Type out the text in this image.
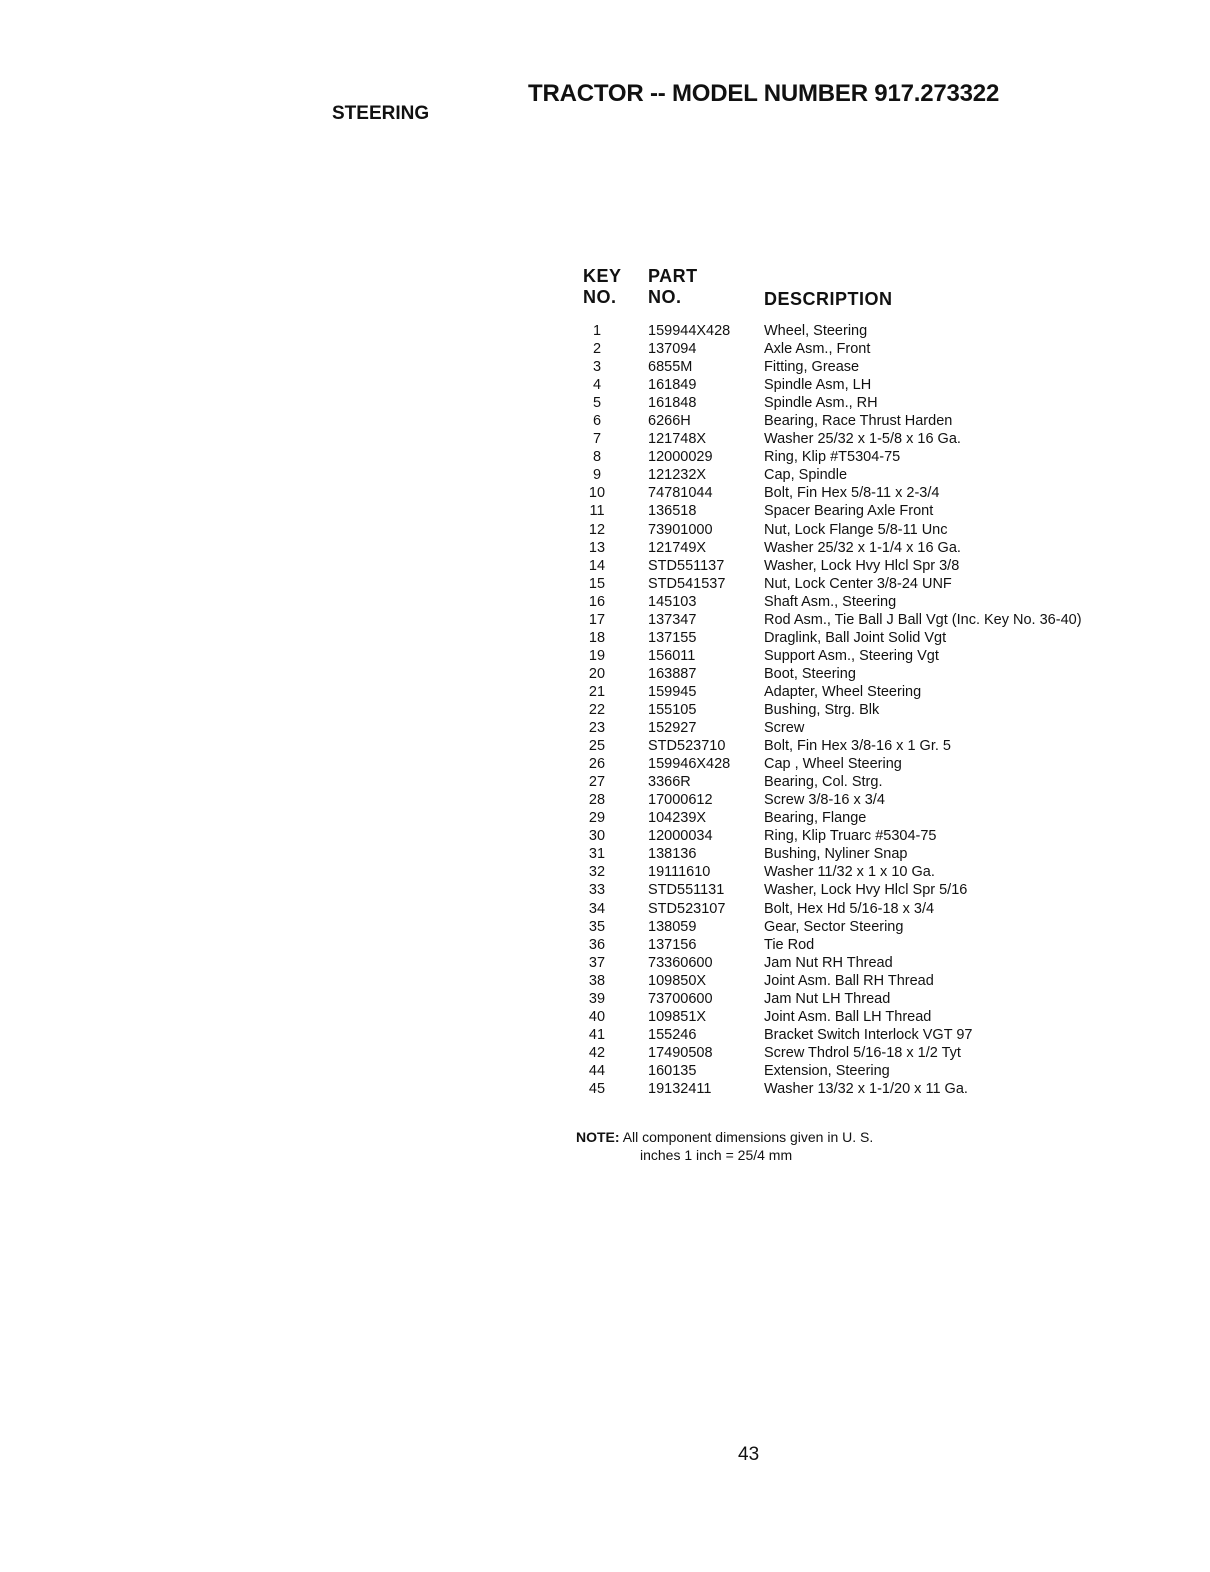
TRACTOR -- MODEL NUMBER 917.273322
STEERING
KEY
NO.
PART
NO.	DESCRIPTION
1	159944X428 Wheel, Steering
2	137094	Axle Asm., Front
3	6855M	Fitting, Grease
4	161849	Spindle Asm, LH
5	161848	Spindle Asm., RH
6	6266H	Bearing, Race Thrust Harden
7	121748X	Washer 25/32 x 1-5/8 x 16 Ga.
8	12000029	Ring, Klip #T5304-75
9	121232X	Cap, Spindle
10	74781044	Bolt, Fin Hex 5/8-11 x 2-3/4
11	136518	Spacer Bearing Axle Front
12	73901000	Nut, Lock Flange 5/8-11 Unc
13	121749X	Washer 25/32 x 1-1/4 x 16 Ga.
14	STD551137	Washer, Lock Hvy Hlcl Spr 3/8
15	STD541537	Nut, Lock Center 3/8-24 UNF
16	145103	Shaft Asm., Steering
17	137347	Rod Asm., Tie Ball J Ball Vgt (Inc. Key No. 36-40)
18	137155	Draglink, Ball Joint Solid Vgt
19	156011	Support Asm., Steering Vgt
20	163887	Boot, Steering
21	159945	Adapter, Wheel Steering
22	155105	Bushing, Strg. Blk
23	152927	Screw
25	STD523710	Bolt, Fin Hex 3/8-16 x 1 Gr. 5
26	159946X428 Cap , Wheel Steering
27	3366R	Bearing, Col. Strg.
28	17000612	Screw 3/8-16 x 3/4
29	104239X	Bearing, Flange
30	12000034	Ring, Klip Truarc #5304-75
31	138136	Bushing, Nyliner Snap
32	19111610	Washer 11/32 x 1 x 10 Ga.
33	STD551131	Washer, Lock Hvy Hlcl Spr 5/16
34	STD523107	Bolt, Hex Hd 5/16-18 x 3/4
35	138059	Gear, Sector Steering
36	137156	Tie Rod
37	73360600	Jam Nut RH Thread
38	109850X	Joint Asm. Ball RH Thread
39	73700600	Jam Nut LH Thread
40	109851X	Joint Asm. Ball LH Thread
41	155246	Bracket Switch Interlock VGT 97
42	17490508	Screw Thdrol 5/16-18 x 1/2 Tyt
44	160135	Extension, Steering
45	19132411	Washer 13/32 x 1-1/20 x 11 Ga.
NOTE: All component dimensions given in U. S.
inches 1 inch = 25/4 mm
43
